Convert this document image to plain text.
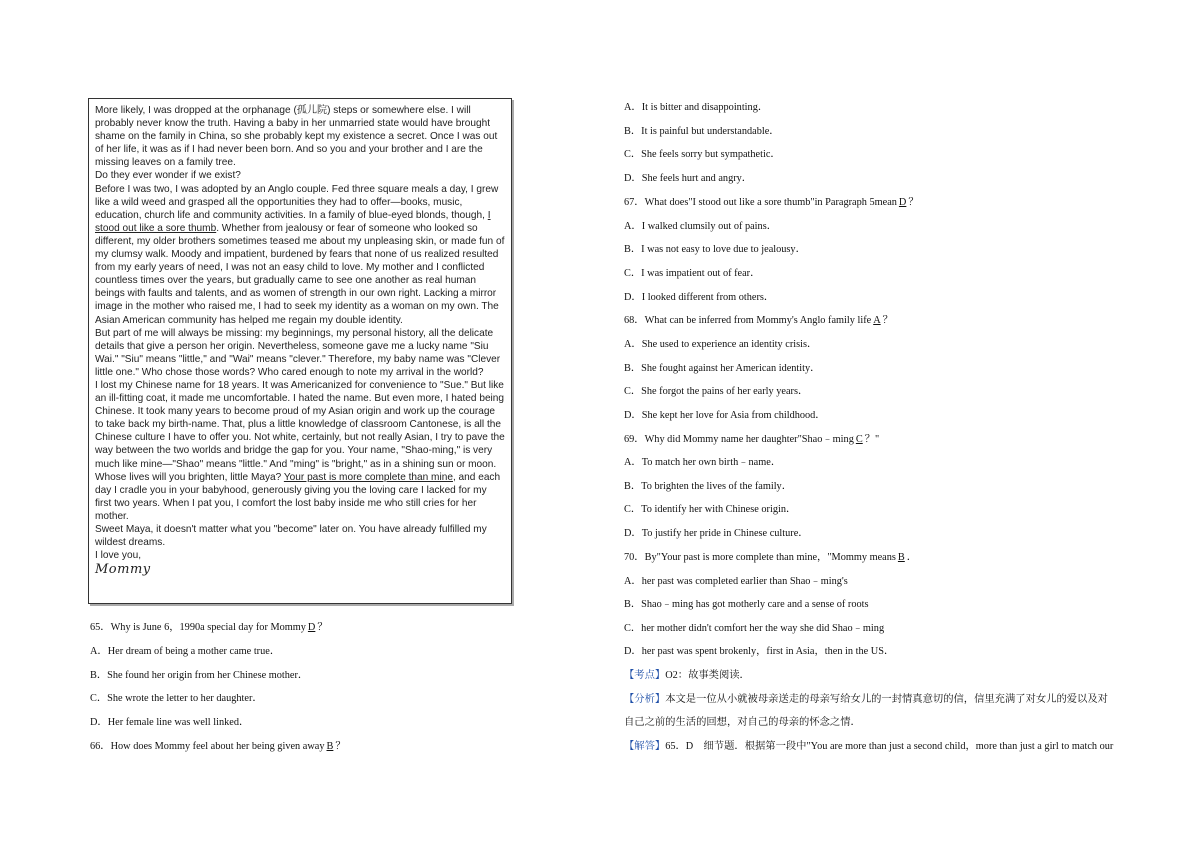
More likely, I was dropped at the orphanage (孤儿院) steps or somewhere else. I will probably never know the truth. Having a baby in her unmarried state would have brought shame on the family in China, so she probably kept my existence a secret. Once I was out of her life, it was as if I had never been born. And so you and your brother and I are the missing leaves on a family tree.

Do they ever wonder if we exist?

Before I was two, I was adopted by an Anglo couple. Fed three square meals a day, I grew like a wild weed and grasped all the opportunities they had to offer—books, music, education, church life and community activities. In a family of blue-eyed blonds, though, I stood out like a sore thumb. Whether from jealousy or fear of someone who looked so different, my older brothers sometimes teased me about my unpleasing skin, or made fun of my clumsy walk. Moody and impatient, burdened by fears that none of us realized resulted from my early years of need, I was not an easy child to love. My mother and I conflicted countless times over the years, but gradually came to see one another as real human beings with faults and talents, and as women of strength in our own right. Lacking a mirror image in the mother who raised me, I had to seek my identity as a woman on my own. The Asian American community has helped me regain my double identity.

But part of me will always be missing: my beginnings, my personal history, all the delicate details that give a person her origin. Nevertheless, someone gave me a lucky name "Siu Wai." "Siu" means "little," and "Wai" means "clever." Therefore, my baby name was "Clever little one." Who chose those words? Who cared enough to note my arrival in the world?

I lost my Chinese name for 18 years. It was Americanized for convenience to "Sue." But like an ill-fitting coat, it made me uncomfortable. I hated the name. But even more, I hated being Chinese. It took many years to become proud of my Asian origin and work up the courage to take back my birth-name. That, plus a little knowledge of classroom Cantonese, is all the Chinese culture I have to offer you. Not white, certainly, but not really Asian, I try to pave the way between the two worlds and bridge the gap for you. Your name, "Shao-ming," is very much like mine—"Shao" means "little." And "ming" is "bright," as in a shining sun or moon. Whose lives will you brighten, little Maya? Your past is more complete than mine, and each day I cradle you in your babyhood, generously giving you the loving care I lacked for my first two years. When I pat you, I comfort the lost baby inside me who still cries for her mother.

Sweet Maya, it doesn't matter what you "become" later on. You have already fulfilled my wildest dreams.

I love you,

Mommy

65．Why is June 6，1990a special day for Mommy D ？
A．Her dream of being a mother came true．
B．She found her origin from her Chinese mother．
C．She wrote the letter to her daughter．
D．Her female line was well linked．
66．How does Mommy feel about her being given away B ？
A．It is bitter and disappointing．
B．It is painful but understandable．
C．She feels sorry but sympathetic．
D．She feels hurt and angry．
67．What does"I stood out like a sore thumb"in Paragraph 5mean D ？
A．I walked clumsily out of pains．
B．I was not easy to love due to jealousy．
C．I was impatient out of fear．
D．I looked different from others．
68．What can be inferred from Mommy's Anglo family life A ？
A．She used to experience an identity crisis．
B．She fought against her American identity．
C．She forgot the pains of her early years．
D．She kept her love for Asia from childhood．
69．Why did Mommy name her daughter"Shao﹣ming C ？"
A．To match her own birth﹣name．
B．To brighten the lives of the family．
C．To identify her with Chinese origin．
D．To justify her pride in Chinese culture．
70．By"Your past is more complete than mine，"Mommy means B ．
A．her past was completed earlier than Shao﹣ming's
B．Shao﹣ming has got motherly care and a sense of roots
C．her mother didn't comfort her the way she did Shao﹣ming
D．her past was spent brokenly，first in Asia，then in the US．
【考点】O2：故事类阅读．
【分析】本文是一位从小就被母亲送走的母亲写给女儿的一封情真意切的信，信里充满了对女儿的爱以及对
自己之前的生活的回想，对自己的母亲的怀念之情．
【解答】65．D　细节题．根据第一段中"You are more than just a second child，more than just a girl to match our
